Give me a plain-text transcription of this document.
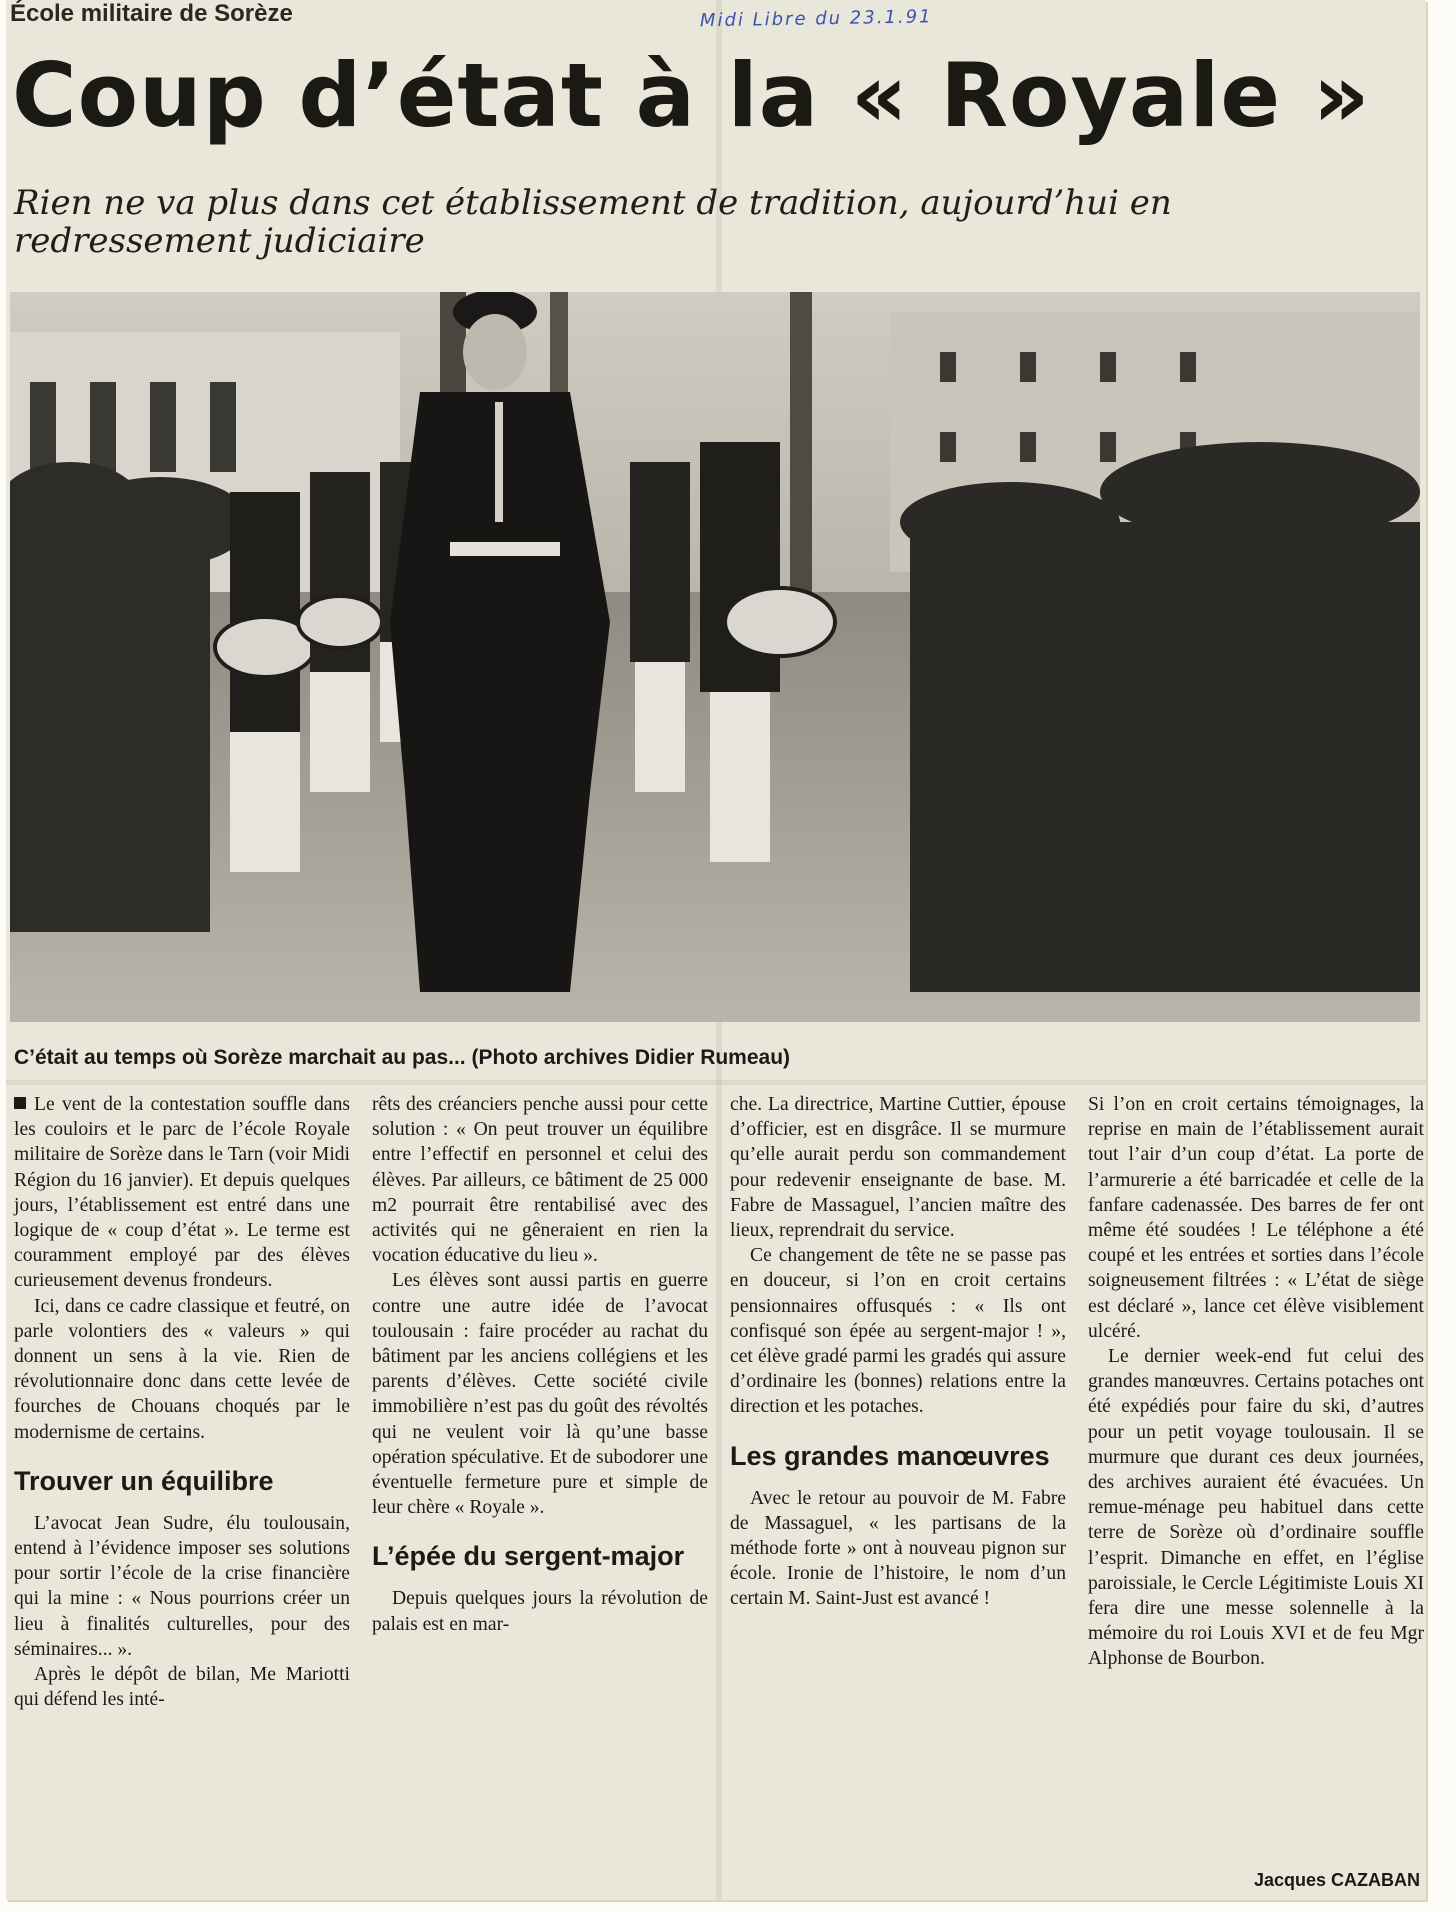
École militaire de Sorèze	Midi Libre du 23.1.91
Coup d’état à la « Royale »

Rien ne va plus dans cet établissement de tradition, aujourd’hui en redressement judiciaire

C’était au temps où Sorèze marchait au pas... (Photo archives Didier Rumeau)

Le vent de la contestation souffle dans les couloirs et le parc de l’école Royale militaire de Sorèze dans le Tarn (voir Midi Région du 16 janvier). Et depuis quelques jours, l’établissement est entré dans une logique de « coup d’état ». Le terme est couramment employé par des élèves curieusement devenus frondeurs.

Ici, dans ce cadre classique et feutré, on parle volontiers des « valeurs » qui donnent un sens à la vie. Rien de révolutionnaire donc dans cette levée de fourches de Chouans choqués par le modernisme de certains.

Trouver un équilibre

L’avocat Jean Sudre, élu toulousain, entend à l’évidence imposer ses solutions pour sortir l’école de la crise financière qui la mine : « Nous pourrions créer un lieu à finalités culturelles, pour des séminaires... ».

Après le dépôt de bilan, Me Mariotti qui défend les inté-

rêts des créanciers penche aussi pour cette solution : « On peut trouver un équilibre entre l’effectif en personnel et celui des élèves. Par ailleurs, ce bâtiment de 25 000 m2 pourrait être rentabilisé avec des activités qui ne gêneraient en rien la vocation éducative du lieu ».

Les élèves sont aussi partis en guerre contre une autre idée de l’avocat toulousain : faire procéder au rachat du bâtiment par les anciens collégiens et les parents d’élèves. Cette société civile immobilière n’est pas du goût des révoltés qui ne veulent voir là qu’une basse opération spéculative. Et de subodorer une éventuelle fermeture pure et simple de leur chère « Royale ».

L’épée du sergent-major

Depuis quelques jours la révolution de palais est en mar-

che. La directrice, Martine Cuttier, épouse d’officier, est en disgrâce. Il se murmure qu’elle aurait perdu son commandement pour redevenir enseignante de base. M. Fabre de Massaguel, l’ancien maître des lieux, reprendrait du service.

Ce changement de tête ne se passe pas en douceur, si l’on en croit certains pensionnaires offusqués : « Ils ont confisqué son épée au sergent-major ! », cet élève gradé parmi les gradés qui assure d’ordinaire les (bonnes) relations entre la direction et les potaches.

Les grandes manœuvres

Avec le retour au pouvoir de M. Fabre de Massaguel, « les partisans de la méthode forte » ont à nouveau pignon sur école. Ironie de l’histoire, le nom d’un certain M. Saint-Just est avancé !

Si l’on en croit certains témoignages, la reprise en main de l’établissement aurait tout l’air d’un coup d’état. La porte de l’armurerie a été barricadée et celle de la fanfare cadenassée. Des barres de fer ont même été soudées ! Le téléphone a été coupé et les entrées et sorties dans l’école soigneusement filtrées : « L’état de siège est déclaré », lance cet élève visiblement ulcéré.

Le dernier week-end fut celui des grandes manœuvres. Certains potaches ont été expédiés pour faire du ski, d’autres pour un petit voyage toulousain. Il se murmure que durant ces deux journées, des archives auraient été évacuées. Un remue-ménage peu habituel dans cette terre de Sorèze où d’ordinaire souffle l’esprit. Dimanche en effet, en l’église paroissiale, le Cercle Légitimiste Louis XI fera dire une messe solennelle à la mémoire du roi Louis XVI et de feu Mgr Alphonse de Bourbon.

Jacques CAZABAN
